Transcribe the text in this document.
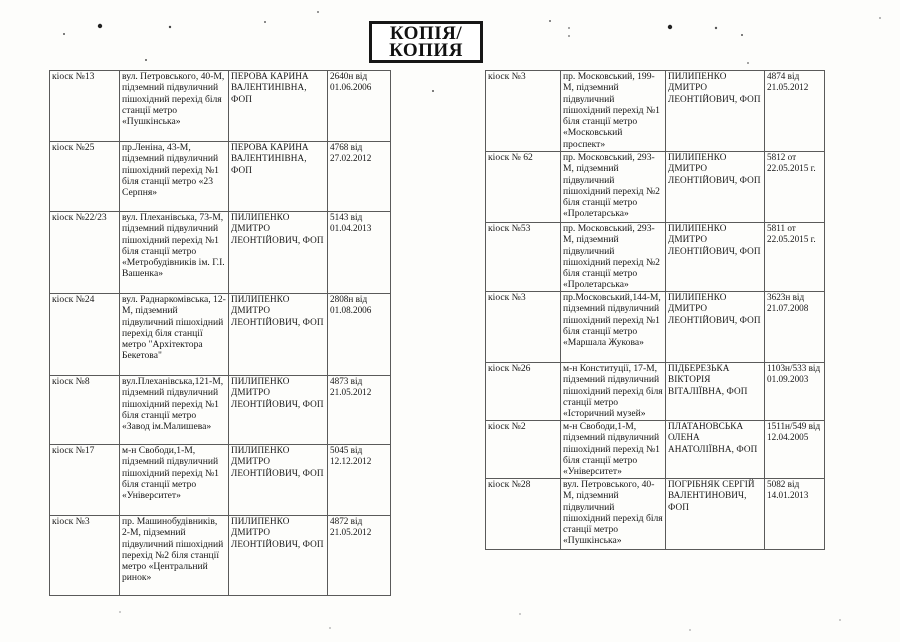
КОПІЯ/
КОПИЯ
кіоск №13	вул. Петровського, 40-М, підземний підвуличний пішохідний перехід біля станції метро «Пушкінська»	ПЕРОВА КАРИНА ВАЛЕНТИНІВНА, ФОП	2640н від 01.06.2006
кіоск №25	пр.Леніна, 43-М, підземний підвуличний пішохідний перехід №1 біля станції метро «23 Серпня»	ПЕРОВА КАРИНА ВАЛЕНТИНІВНА, ФОП	4768 від 27.02.2012
кіоск №22/23	вул. Плеханівська, 73-М, підземний підвуличний пішохідний перехід №1 біля станції метро «Метробудівників ім. Г.І. Вашенка»	ПИЛИПЕНКО ДМИТРО ЛЕОНТІЙОВИЧ, ФОП	5143 від 01.04.2013
кіоск №24	вул. Раднаркомівська, 12-М, підземний підвуличний пішохідний перехід біля станції метро "Архітектора Бекетова"	ПИЛИПЕНКО ДМИТРО ЛЕОНТІЙОВИЧ, ФОП	2808н від 01.08.2006
кіоск №8	вул.Плеханівська,121-М, підземний підвуличний пішохідний перехід №1 біля станції метро «Завод ім.Малишева»	ПИЛИПЕНКО ДМИТРО ЛЕОНТІЙОВИЧ, ФОП	4873 від 21.05.2012
кіоск №17	м-н Свободи,1-М, підземний підвуличний пішохідний перехід №1 біля станції метро «Університет»	ПИЛИПЕНКО ДМИТРО ЛЕОНТІЙОВИЧ, ФОП	5045 від 12.12.2012
кіоск №3	пр. Машинобудівників, 2-М, підземний підвуличний пішохідний перехід №2 біля станції метро «Центральний ринок»	ПИЛИПЕНКО ДМИТРО ЛЕОНТІЙОВИЧ, ФОП	4872 від 21.05.2012
кіоск №3	пр. Московський, 199-М, підземний підвуличний пішохідний перехід №1 біля станції метро «Московський проспект»	ПИЛИПЕНКО ДМИТРО ЛЕОНТІЙОВИЧ, ФОП	4874 від 21.05.2012
кіоск № 62	пр. Московський, 293-М, підземний підвуличний пішохідний перехід №2 біля станції метро «Пролетарська»	ПИЛИПЕНКО ДМИТРО ЛЕОНТІЙОВИЧ, ФОП	5812 от 22.05.2015 г.
кіоск №53	пр. Московський, 293-М, підземний підвуличний пішохідний перехід №2 біля станції метро «Пролетарська»	ПИЛИПЕНКО ДМИТРО ЛЕОНТІЙОВИЧ, ФОП	5811 от 22.05.2015 г.
кіоск №3	пр.Московський,144-М, підземний підвуличний пішохідний перехід №1 біля станції метро «Маршала Жукова»	ПИЛИПЕНКО ДМИТРО ЛЕОНТІЙОВИЧ, ФОП	3623н від 21.07.2008
кіоск №26	м-н Конституції, 17-М, підземний підвуличний пішохідний перехід біля станції метро «Історичний музей»	ПІДБЕРЕЗЬКА ВІКТОРІЯ ВІТАЛІЇВНА, ФОП	1103н/533 від 01.09.2003
кіоск №2	м-н Свободи,1-М, підземний підвуличний пішохідний перехід №1 біля станції метро «Університет»	ПЛАТАНОВСЬКА ОЛЕНА АНАТОЛІЇВНА, ФОП	1511н/549 від 12.04.2005
кіоск №28	вул. Петровського, 40-М, підземний підвуличний пішохідний перехід біля станції метро «Пушкінська»	ПОГРІБНЯК СЕРГІЙ ВАЛЕНТИНОВИЧ, ФОП	5082 від 14.01.2013
